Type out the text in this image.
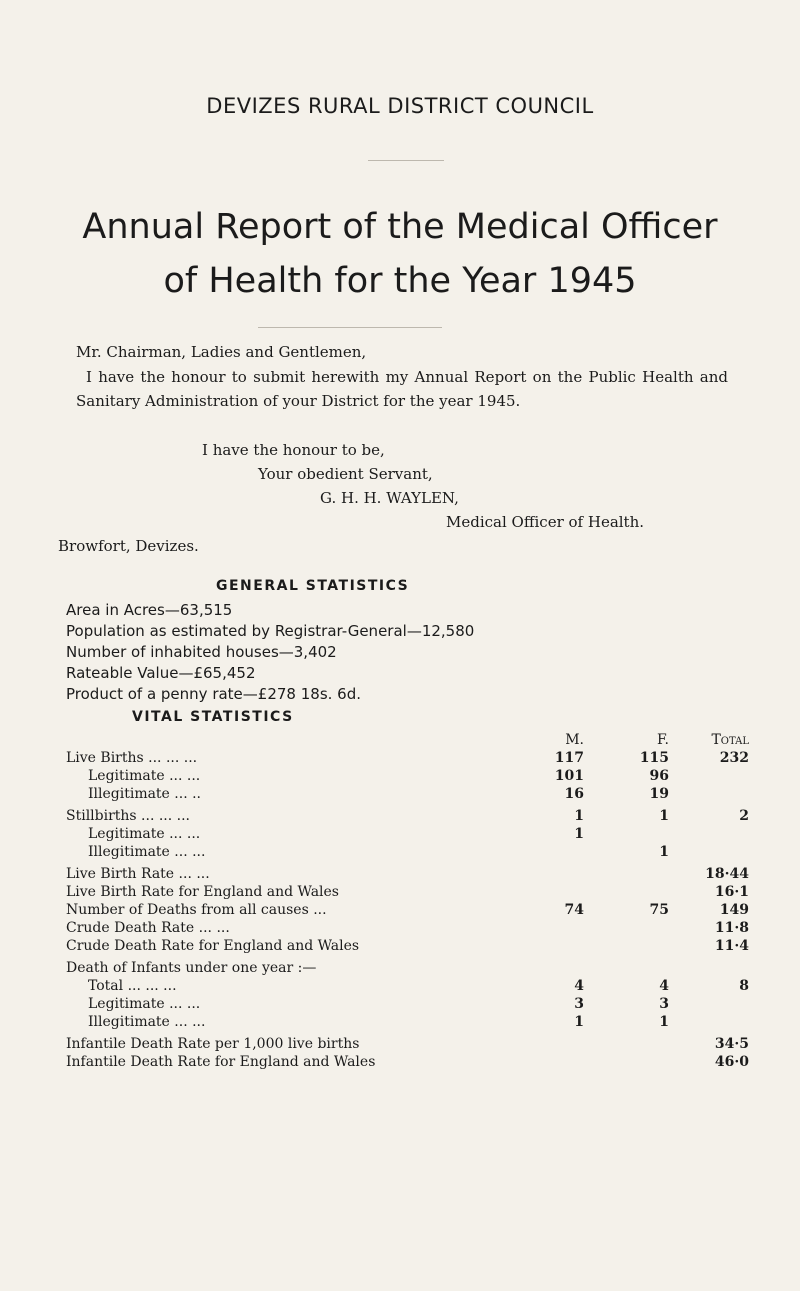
DEVIZES RURAL DISTRICT COUNCIL
Annual Report of the Medical Officer
of Health for the Year 1945
Mr. Chairman, Ladies and Gentlemen,
I have the honour to submit herewith my Annual Report on the Public Health and Sanitary Administration of your District for the year 1945.
I have the honour to be,
Your obedient Servant,
G. H. H. WAYLEN,
Medical Officer of Health.
Browfort, Devizes.
GENERAL STATISTICS
Area in Acres—63,515
Population as estimated by Registrar-General—12,580
Number of inhabited houses—3,402
Rateable Value—£65,452
Product of a penny rate—£278 18s. 6d.
VITAL STATISTICS
	M.	F.	Total
Live Births ... ... ...	117	115	232
Legitimate ... ...	101	96	
Illegitimate ... ..	16	19	

Stillbirths ... ... ...	1	1	2
Legitimate ... ...	1		
Illegitimate ... ...		1	

Live Birth Rate ... ...			18·44
Live Birth Rate for England and Wales			16·1
Number of Deaths from all causes ...	74	75	149
Crude Death Rate ... ...			11·8
Crude Death Rate for England and Wales			11·4

Death of Infants under one year :—			
Total ... ... ...	4	4	8
Legitimate ... ...	3	3	
Illegitimate ... ...	1	1	

Infantile Death Rate per 1,000 live births			34·5
Infantile Death Rate for England and Wales			46·0
